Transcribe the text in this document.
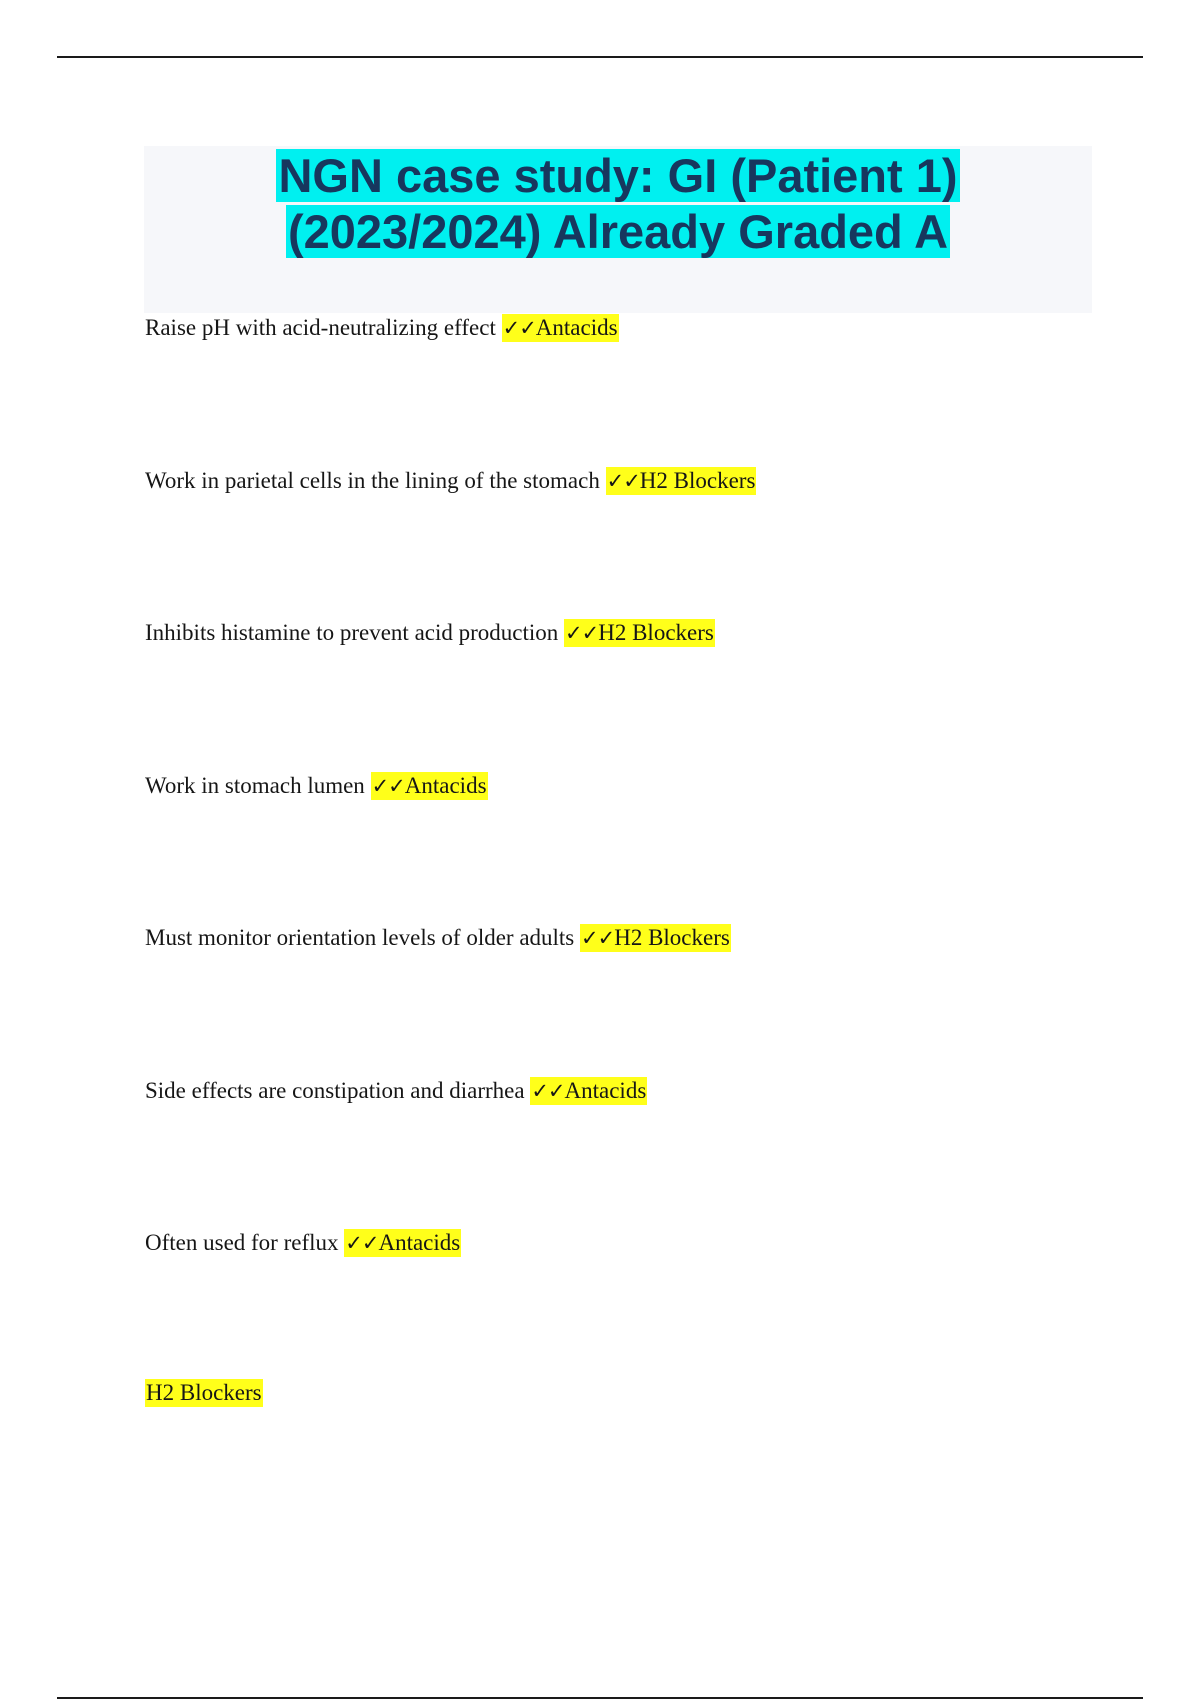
NGN case study: GI (Patient 1)
(2023/2024) Already Graded A
Raise pH with acid-neutralizing effect ✓✓Antacids
Work in parietal cells in the lining of the stomach ✓✓H2 Blockers
Inhibits histamine to prevent acid production ✓✓H2 Blockers
Work in stomach lumen ✓✓Antacids
Must monitor orientation levels of older adults ✓✓H2 Blockers
Side effects are constipation and diarrhea ✓✓Antacids
Often used for reflux ✓✓Antacids
H2 Blockers
